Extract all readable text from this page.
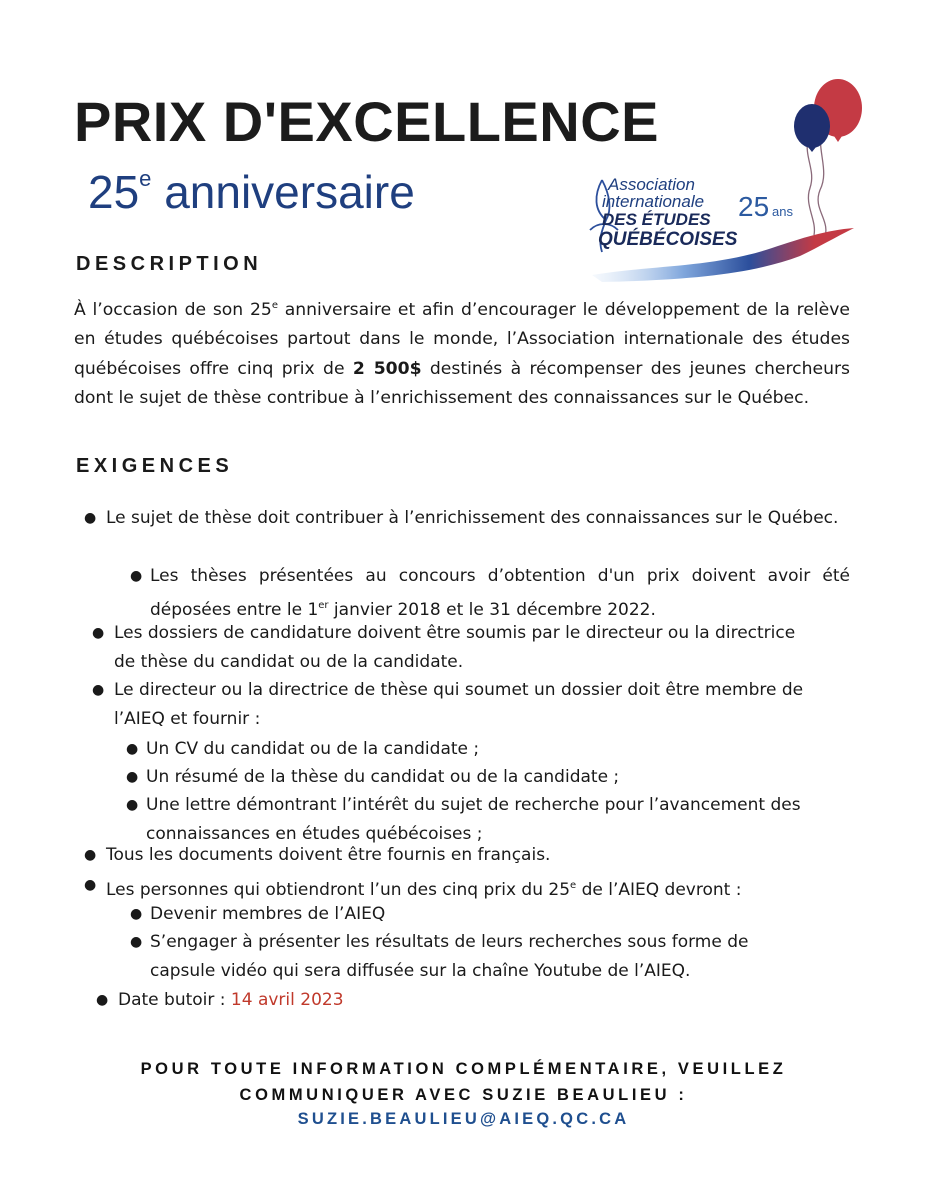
PRIX D'EXCELLENCE
25e anniversaire	Association
internationale
DES ÉTUDES
QUÉBÉCOISES
25 ans
DESCRIPTION

À l’occasion de son 25e anniversaire et afin d’encourager le développement de la relève en études québécoises partout dans le monde, l’Association internationale des études québécoises offre cinq prix de 2 500$ destinés à récompenser des jeunes chercheurs dont le sujet de thèse contribue à l’enrichissement des connaissances sur le Québec.

EXIGENCES
● Le sujet de thèse doit contribuer à l’enrichissement des connaissances sur le Québec.

● Les thèses présentées au concours d’obtention d'un prix doivent avoir été déposées entre le 1er janvier 2018 et le 31 décembre 2022.

● Les dossiers de candidature doivent être soumis par le directeur ou la directrice de thèse du candidat ou de la candidate.

● Le directeur ou la directrice de thèse qui soumet un dossier doit être membre de l’AIEQ et fournir :

● Un CV du candidat ou de la candidate ;

● Un résumé de la thèse du candidat ou de la candidate ;

● Une lettre démontrant l’intérêt du sujet de recherche pour l’avancement des connaissances en études québécoises ;

● Tous les documents doivent être fournis en français.

● Les personnes qui obtiendront l’un des cinq prix du 25e de l’AIEQ devront :

● Devenir membres de l’AIEQ

● S’engager à présenter les résultats de leurs recherches sous forme de capsule vidéo qui sera diffusée sur la chaîne Youtube de l’AIEQ.

● Date butoir : 14 avril 2023

POUR TOUTE INFORMATION COMPLÉMENTAIRE, VEUILLEZ

COMMUNIQUER AVEC SUZIE BEAULIEU :

SUZIE.BEAULIEU@AIEQ.QC.CA
